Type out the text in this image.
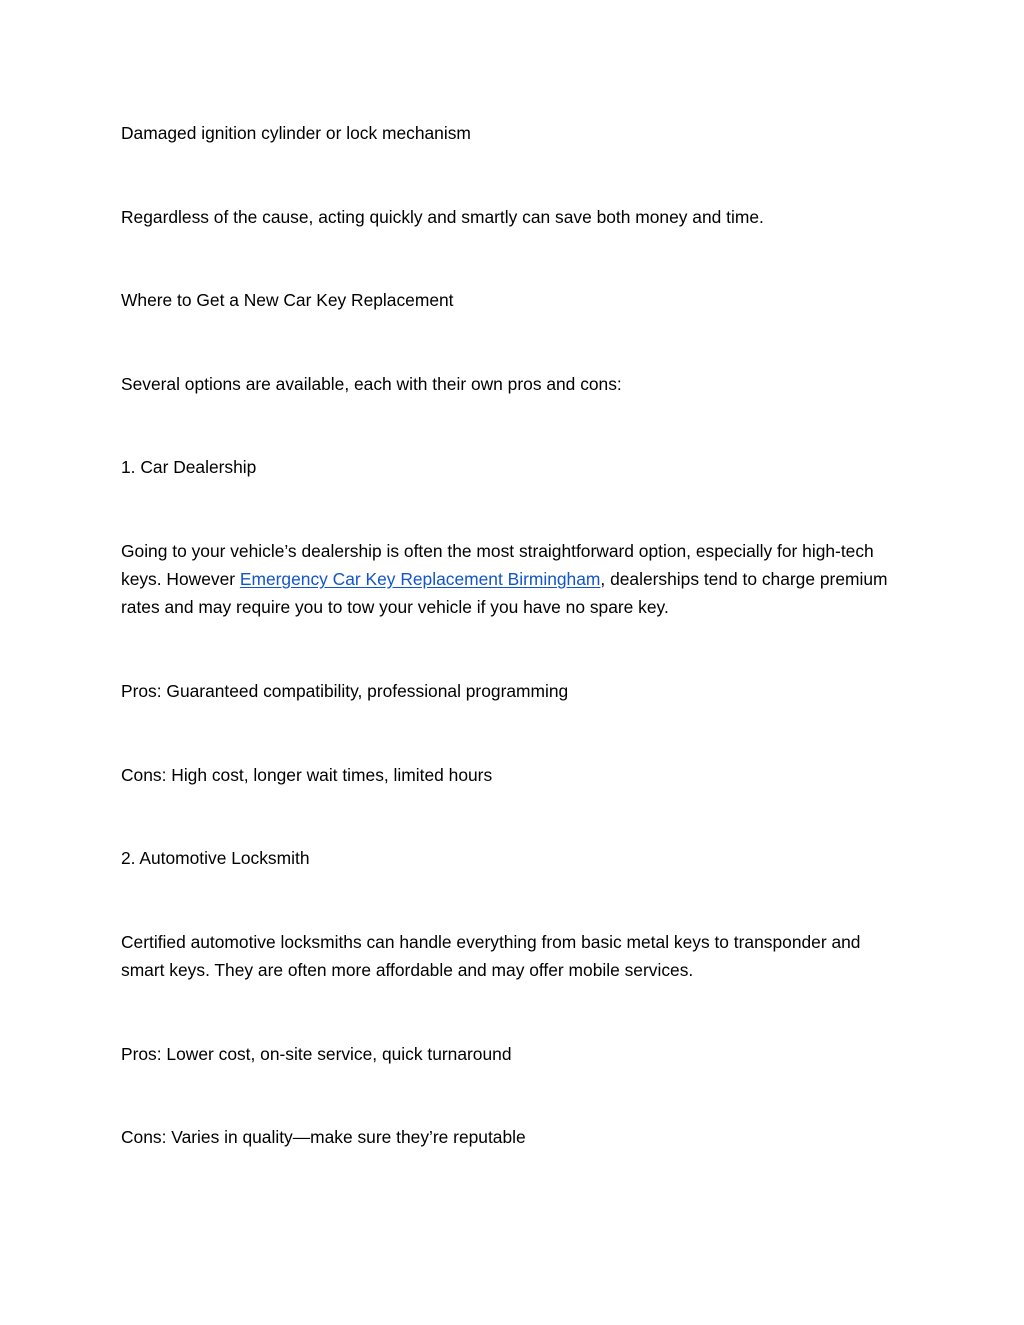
Damaged ignition cylinder or lock mechanism

Regardless of the cause, acting quickly and smartly can save both money and time.

Where to Get a New Car Key Replacement

Several options are available, each with their own pros and cons:

1. Car Dealership

Going to your vehicle’s dealership is often the most straightforward option, especially for high-tech keys. However Emergency Car Key Replacement Birmingham, dealerships tend to charge premium rates and may require you to tow your vehicle if you have no spare key.

Pros: Guaranteed compatibility, professional programming

Cons: High cost, longer wait times, limited hours

2. Automotive Locksmith

Certified automotive locksmiths can handle everything from basic metal keys to transponder and smart keys. They are often more affordable and may offer mobile services.

Pros: Lower cost, on-site service, quick turnaround

Cons: Varies in quality—make sure they’re reputable
